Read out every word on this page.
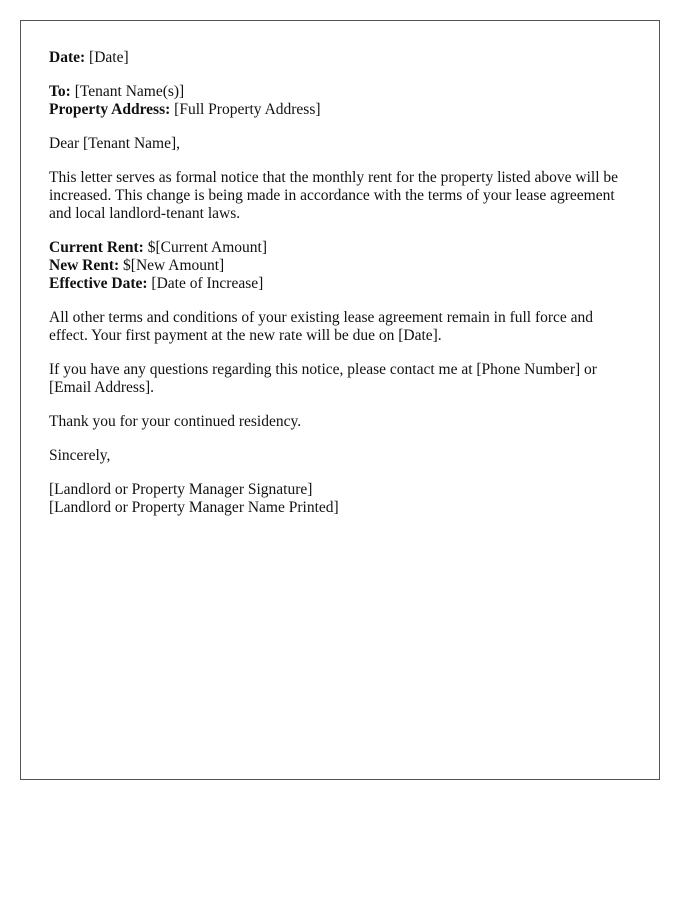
Date: [Date]
To: [Tenant Name(s)]
Property Address: [Full Property Address]

Dear [Tenant Name],

This letter serves as formal notice that the monthly rent for the property listed above will be increased. This change is being made in accordance with the terms of your lease agreement and local landlord-tenant laws.

Current Rent: $[Current Amount]
New Rent: $[New Amount]
Effective Date: [Date of Increase]

All other terms and conditions of your existing lease agreement remain in full force and effect. Your first payment at the new rate will be due on [Date].

If you have any questions regarding this notice, please contact me at [Phone Number] or [Email Address].

Thank you for your continued residency.

Sincerely,

[Landlord or Property Manager Signature]
[Landlord or Property Manager Name Printed]
